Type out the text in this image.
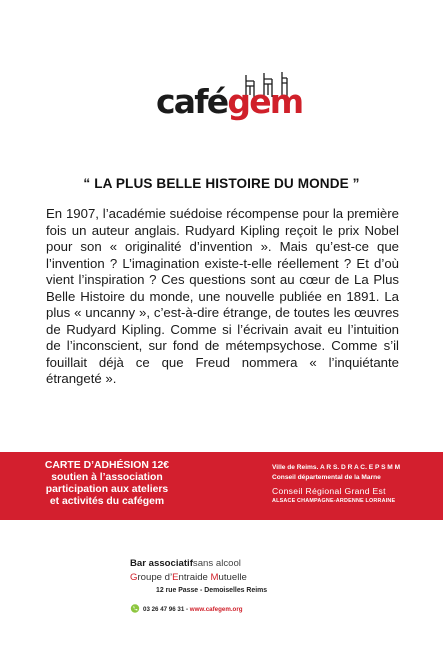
cafégem
“ LA PLUS BELLE HISTOIRE DU MONDE ”

En 1907, l’académie suédoise récompense pour la première fois un auteur anglais. Rudyard Kipling reçoit le prix Nobel pour son « originalité d’invention ». Mais qu’est-ce que l’invention ? L’imagination existe-t-elle réellement ? Et d’où vient l’inspiration ? Ces questions sont au cœur de La Plus Belle Histoire du monde, une nouvelle publiée en 1891. La plus « uncanny », c’est-à-dire étrange, de toutes les œuvres de Rudyard Kipling. Comme si l’écrivain avait eu l’intuition de l’inconscient, sur fond de métempsychose. Comme s’il fouillait déjà ce que Freud nommera « l’inquiétante étrangeté ».

CARTE D’ADHÉSION 12€
soutien à l’association
participation aux ateliers
et activités du cafégem
Ville de Reims. A R S. D R A C. E P S M M
Conseil départemental de la Marne
Conseil Régional Grand Est
ALSACE CHAMPAGNE-ARDENNE LORRAINE
Bar associatifsans alcool
Groupe d’Entraide Mutuelle
12 rue Passe - Demoiselles Reims
03 26 47 96 31 - www.cafegem.org
